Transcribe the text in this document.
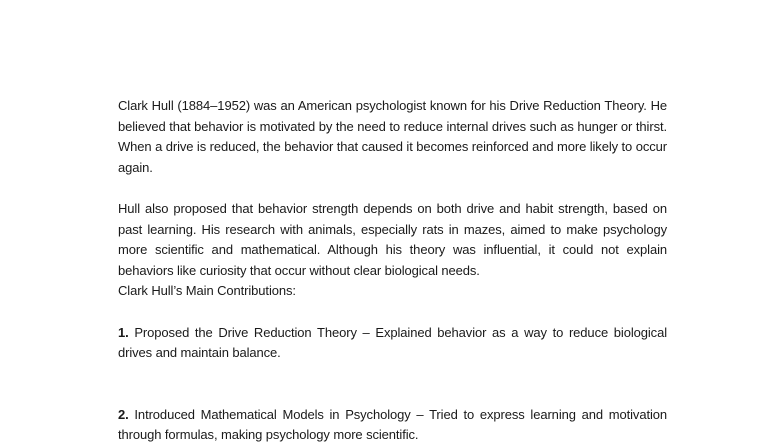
Clark Hull (1884–1952) was an American psychologist known for his Drive Reduction Theory. He believed that behavior is motivated by the need to reduce internal drives such as hunger or thirst. When a drive is reduced, the behavior that caused it becomes reinforced and more likely to occur again.

Hull also proposed that behavior strength depends on both drive and habit strength, based on past learning. His research with animals, especially rats in mazes, aimed to make psychology more scientific and mathematical. Although his theory was influential, it could not explain behaviors like curiosity that occur without clear biological needs.

Clark Hull’s Main Contributions:

1. Proposed the Drive Reduction Theory – Explained behavior as a way to reduce biological drives and maintain balance.

2. Introduced Mathematical Models in Psychology – Tried to express learning and motivation through formulas, making psychology more scientific.
